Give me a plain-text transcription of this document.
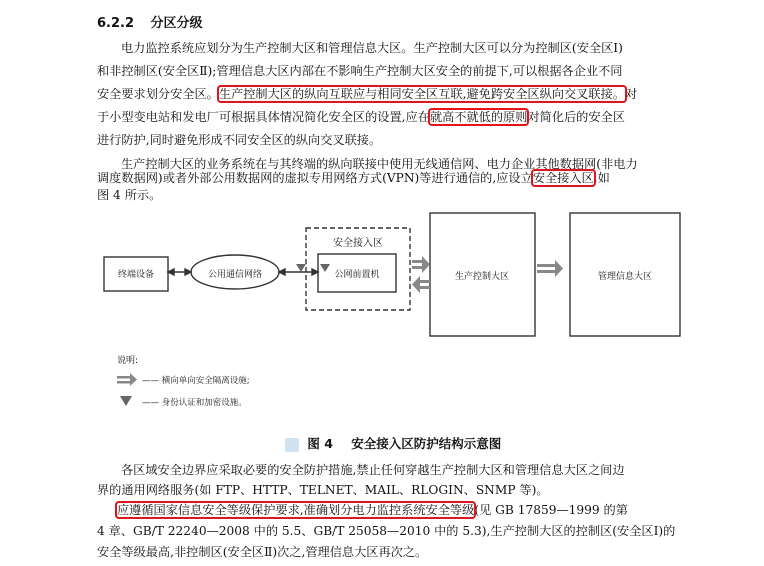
6.2.2 分区分级
电力监控系统应划分为生产控制大区和管理信息大区。生产控制大区可以分为控制区(安全区Ⅰ)
和非控制区(安全区Ⅱ);管理信息大区内部在不影响生产控制大区安全的前提下,可以根据各企业不同
安全要求划分安全区。生产控制大区的纵向互联应与相同安全区互联,避免跨安全区纵向交叉联接。对
于小型变电站和发电厂可根据具体情况简化安全区的设置,应在就高不就低的原则对简化后的安全区
进行防护,同时避免形成不同安全区的纵向交叉联接。
生产控制大区的业务系统在与其终端的纵向联接中使用无线通信网、电力企业其他数据网(非电力
调度数据网)或者外部公用数据网的虚拟专用网络方式(VPN)等进行通信的,应设立安全接入区,如
图 4 所示。
终端设备	公用通信网络
安全接入区
公网前置机	生产控制大区	管理信息大区
说明:
—— 横向单向安全隔离设施;
—— 身份认证和加密设施。
图 4 安全接入区防护结构示意图
各区域安全边界应采取必要的安全防护措施,禁止任何穿越生产控制大区和管理信息大区之间边
界的通用网络服务(如 FTP、HTTP、TELNET、MAIL、RLOGIN、SNMP 等)。
应遵循国家信息安全等级保护要求,准确划分电力监控系统安全等级(见 GB 17859—1999 的第
4 章、GB/T 22240—2008 中的 5.5、GB/T 25058—2010 中的 5.3),生产控制大区的控制区(安全区Ⅰ)的
安全等级最高,非控制区(安全区Ⅱ)次之,管理信息大区再次之。
